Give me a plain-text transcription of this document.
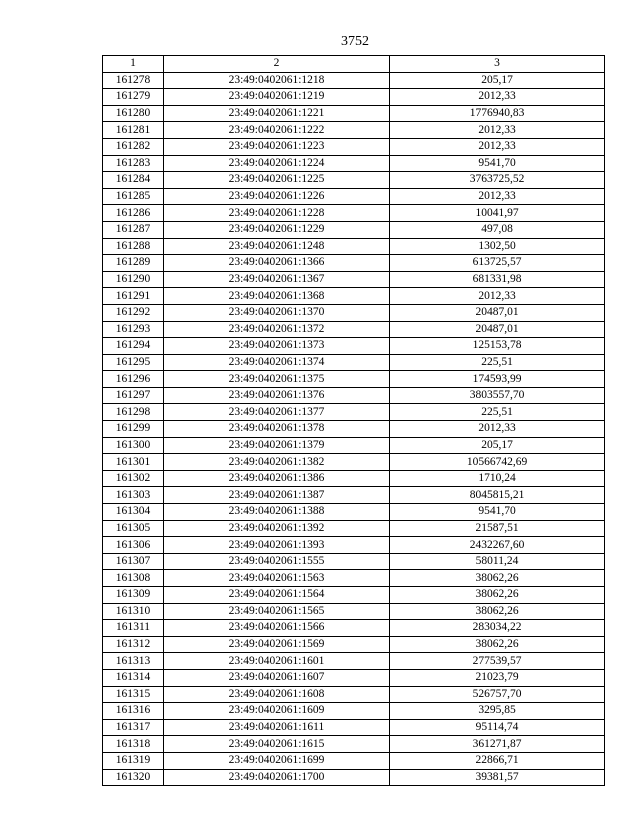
3752
1	2	3
161278	23:49:0402061:1218	205,17
161279	23:49:0402061:1219	2012,33
161280	23:49:0402061:1221	1776940,83
161281	23:49:0402061:1222	2012,33
161282	23:49:0402061:1223	2012,33
161283	23:49:0402061:1224	9541,70
161284	23:49:0402061:1225	3763725,52
161285	23:49:0402061:1226	2012,33
161286	23:49:0402061:1228	10041,97
161287	23:49:0402061:1229	497,08
161288	23:49:0402061:1248	1302,50
161289	23:49:0402061:1366	613725,57
161290	23:49:0402061:1367	681331,98
161291	23:49:0402061:1368	2012,33
161292	23:49:0402061:1370	20487,01
161293	23:49:0402061:1372	20487,01
161294	23:49:0402061:1373	125153,78
161295	23:49:0402061:1374	225,51
161296	23:49:0402061:1375	174593,99
161297	23:49:0402061:1376	3803557,70
161298	23:49:0402061:1377	225,51
161299	23:49:0402061:1378	2012,33
161300	23:49:0402061:1379	205,17
161301	23:49:0402061:1382	10566742,69
161302	23:49:0402061:1386	1710,24
161303	23:49:0402061:1387	8045815,21
161304	23:49:0402061:1388	9541,70
161305	23:49:0402061:1392	21587,51
161306	23:49:0402061:1393	2432267,60
161307	23:49:0402061:1555	58011,24
161308	23:49:0402061:1563	38062,26
161309	23:49:0402061:1564	38062,26
161310	23:49:0402061:1565	38062,26
161311	23:49:0402061:1566	283034,22
161312	23:49:0402061:1569	38062,26
161313	23:49:0402061:1601	277539,57
161314	23:49:0402061:1607	21023,79
161315	23:49:0402061:1608	526757,70
161316	23:49:0402061:1609	3295,85
161317	23:49:0402061:1611	95114,74
161318	23:49:0402061:1615	361271,87
161319	23:49:0402061:1699	22866,71
161320	23:49:0402061:1700	39381,57
